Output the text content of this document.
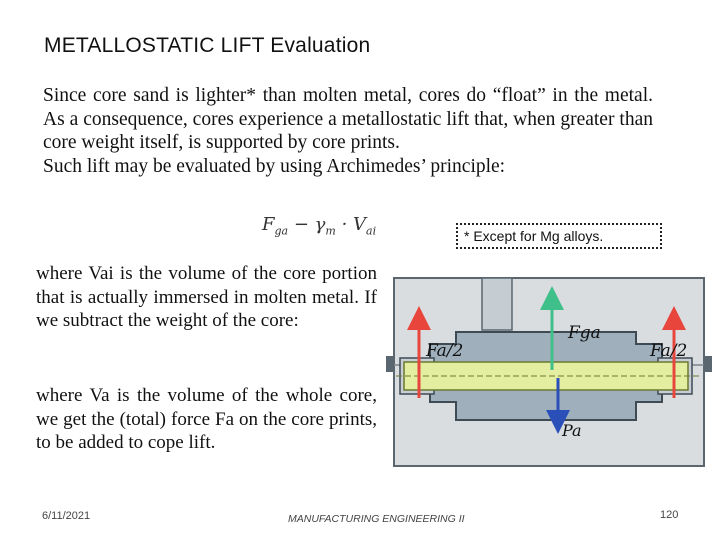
METALLOSTATIC LIFT Evaluation

Since core sand is lighter* than molten metal, cores do “float” in the metal. As a consequence, cores experience a metallostatic lift that, when greater than core weight itself, is supported by core prints.

Such lift may be evaluated by using Archimedes’ principle:

$F_{ga} - \gamma_m \cdot V_{ai}$	* Except for Mg alloys.
where Vai is the volume of the core portion that is actually immersed in molten metal. If we subtract the weight of the core:
where Va is the volume of the whole core, we get the (total) force Fa on the core prints, to be added to cope lift.
Fa/2	Fa/2
Fga
Pa
6/11/2021	MANUFACTURING ENGINEERING II	120
